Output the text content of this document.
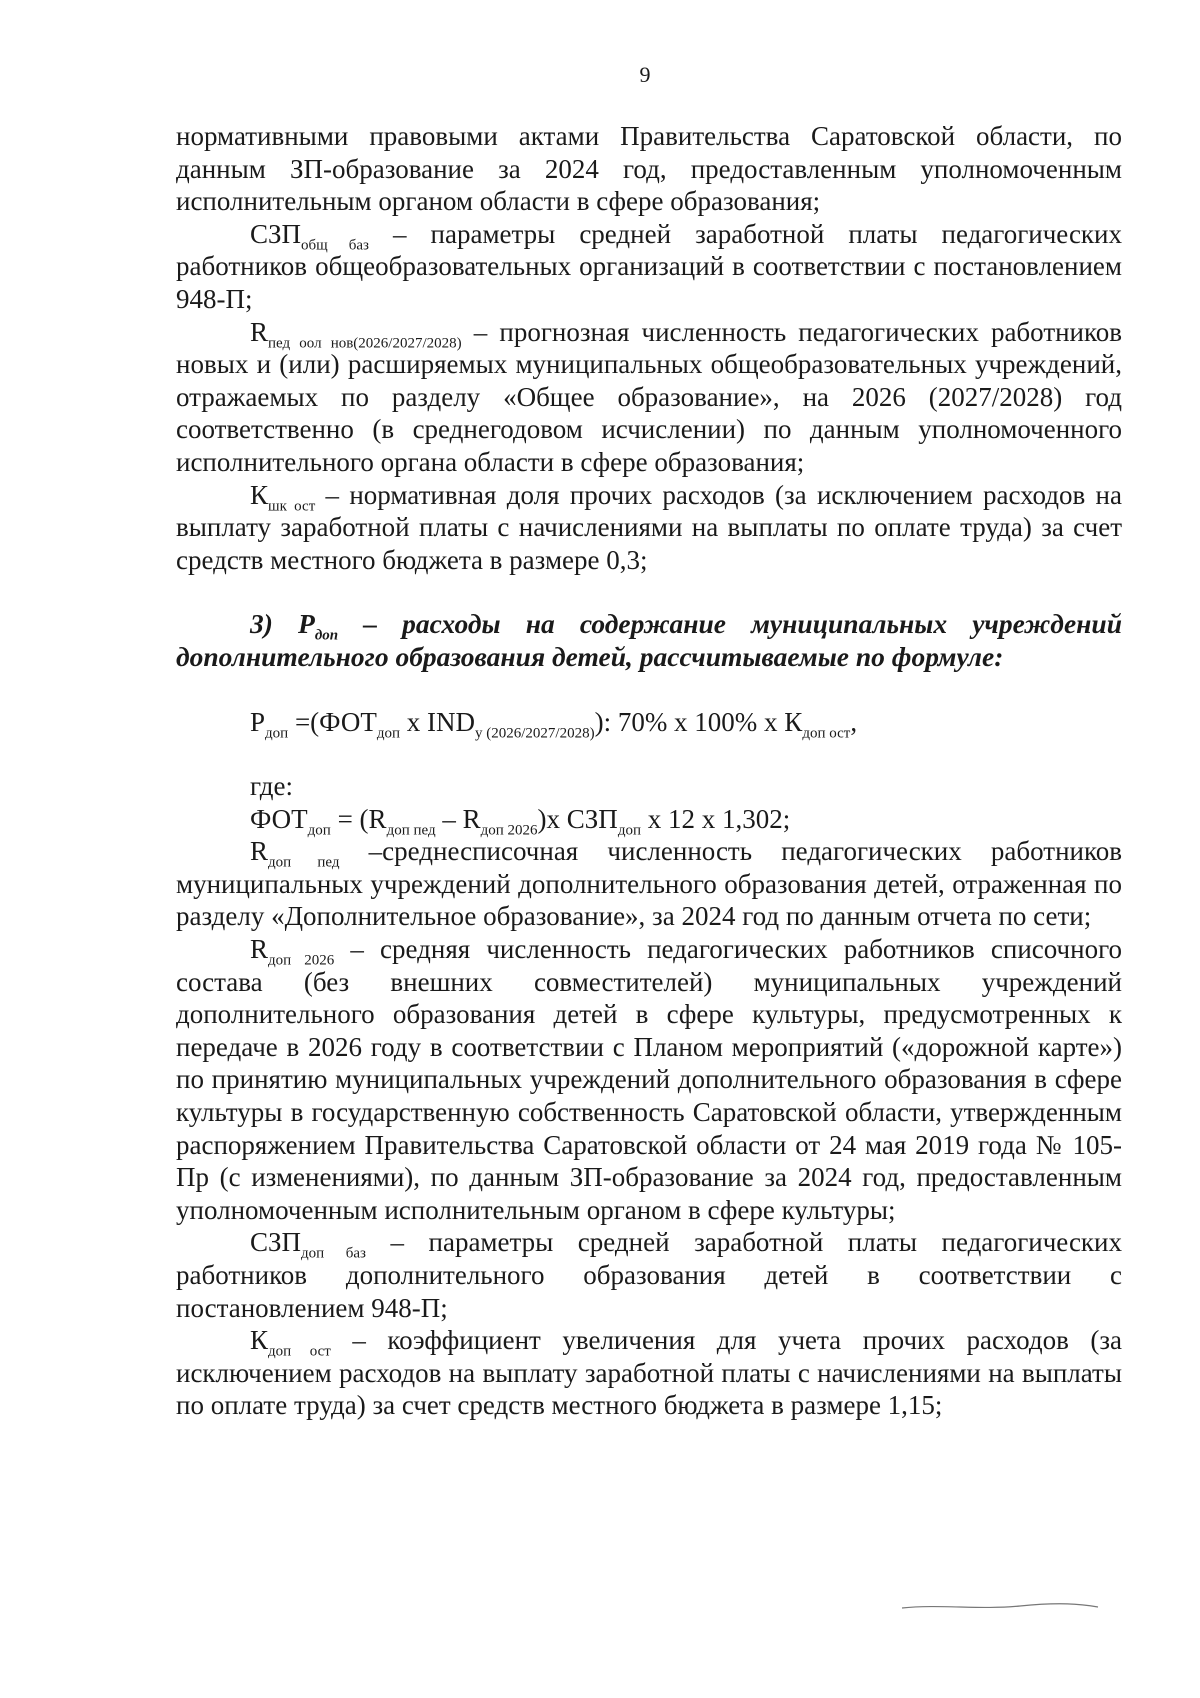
9

нормативными правовыми актами Правительства Саратовской области, по данным ЗП-образование за 2024 год, предоставленным уполномоченным исполнительным органом области в сфере образования;

$СЗП_{общ баз}$ – параметры средней заработной платы педагогических работников общеобразовательных организаций в соответствии с постановлением 948-П;

$R_{пед оол нов(2026/2027/2028)}$ – прогнозная численность педагогических работников новых и (или) расширяемых муниципальных общеобразовательных учреждений, отражаемых по разделу «Общее образование», на 2026 (2027/2028) год соответственно (в среднегодовом исчислении) по данным уполномоченного исполнительного органа области в сфере образования;

$К_{шк ост}$ – нормативная доля прочих расходов (за исключением расходов на выплату заработной платы с начислениями на выплаты по оплате труда) за счет средств местного бюджета в размере 0,3;

3) $Р_{доп}$ – расходы на содержание муниципальных учреждений дополнительного образования детей, рассчитываемые по формуле:

$Р_{доп} =(ФОТ_{доп}$ x $IND_{у (2026/2027/2028)}$): 70% x 100% x $К_{доп ост}$,

где:

$ФОТ_{доп} = (R_{доп пед} - R_{доп 2026})x$ $СЗП_{доп}$ x 12 x 1,302;

$R_{доп пед}$ –среднесписочная численность педагогических работников муниципальных учреждений дополнительного образования детей, отраженная по разделу «Дополнительное образование», за 2024 год по данным отчета по сети;

$R_{доп 2026}$ – средняя численность педагогических работников списочного состава (без внешних совместителей) муниципальных учреждений дополнительного образования детей в сфере культуры, предусмотренных к передаче в 2026 году в соответствии с Планом мероприятий («дорожной карте») по принятию муниципальных учреждений дополнительного образования в сфере культуры в государственную собственность Саратовской области, утвержденным распоряжением Правительства Саратовской области от 24 мая 2019 года № 105-Пр (с изменениями), по данным ЗП-образование за 2024 год, предоставленным уполномоченным исполнительным органом в сфере культуры;

$СЗП_{доп баз}$ – параметры средней заработной платы педагогических работников дополнительного образования детей в соответствии с постановлением 948-П;

$К_{доп ост}$ – коэффициент увеличения для учета прочих расходов (за исключением расходов на выплату заработной платы с начислениями на выплаты по оплате труда) за счет средств местного бюджета в размере 1,15;
